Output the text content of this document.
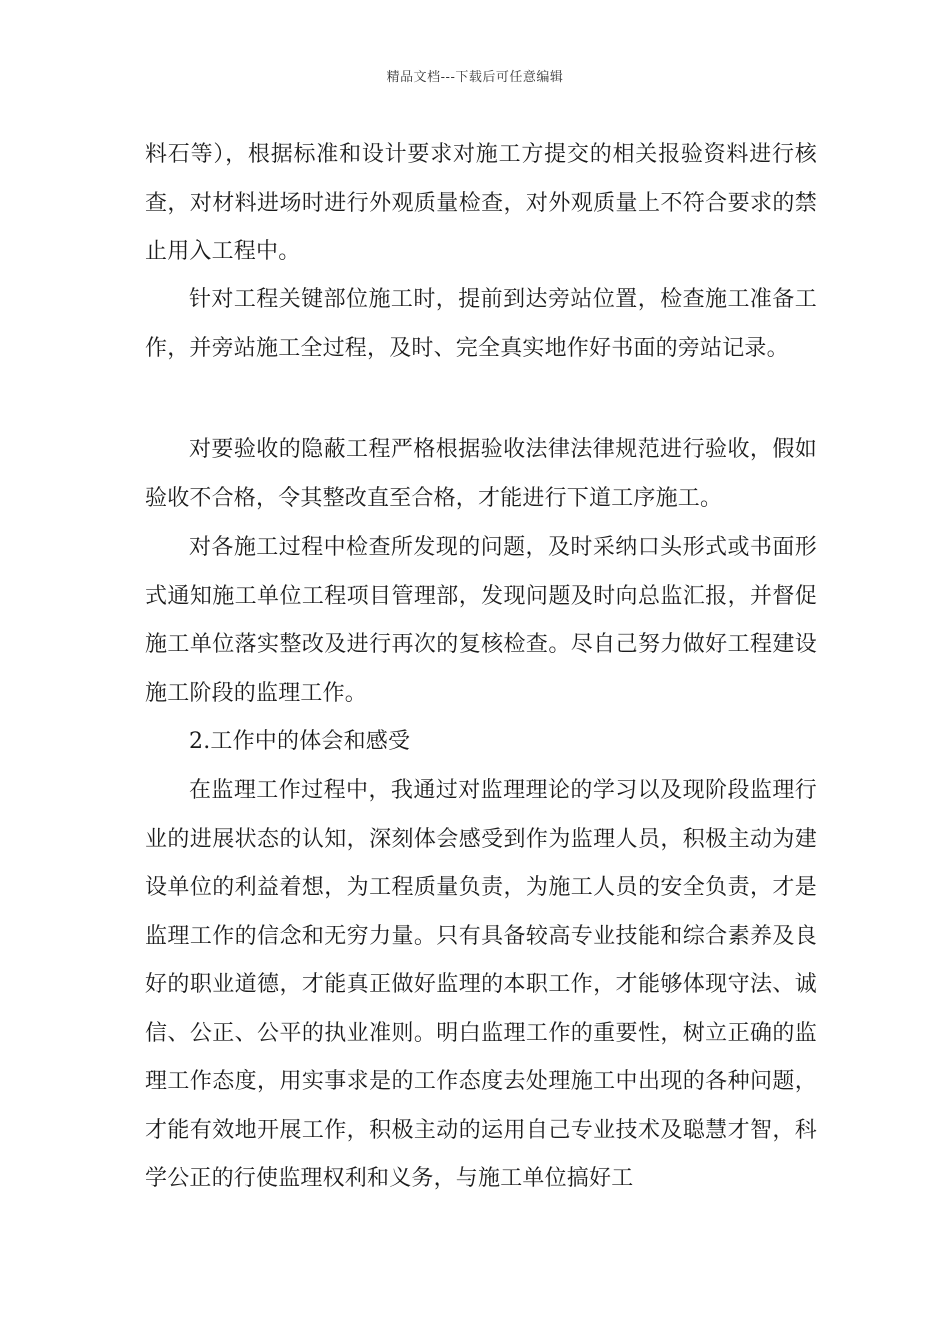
精品文档---下载后可任意编辑

料石等），根据标准和设计要求对施工方提交的相关报验资料进行核查，对材料进场时进行外观质量检查，对外观质量上不符合要求的禁止用入工程中。

针对工程关键部位施工时，提前到达旁站位置，检查施工准备工作，并旁站施工全过程，及时、完全真实地作好书面的旁站记录。

对要验收的隐蔽工程严格根据验收法律法律规范进行验收，假如验收不合格，令其整改直至合格，才能进行下道工序施工。

对各施工过程中检查所发现的问题，及时采纳口头形式或书面形式通知施工单位工程项目管理部，发现问题及时向总监汇报，并督促施工单位落实整改及进行再次的复核检查。尽自己努力做好工程建设施工阶段的监理工作。

2.工作中的体会和感受

在监理工作过程中，我通过对监理理论的学习以及现阶段监理行业的进展状态的认知，深刻体会感受到作为监理人员，积极主动为建设单位的利益着想，为工程质量负责，为施工人员的安全负责，才是监理工作的信念和无穷力量。只有具备较高专业技能和综合素养及良好的职业道德，才能真正做好监理的本职工作，才能够体现守法、诚信、公正、公平的执业准则。明白监理工作的重要性，树立正确的监理工作态度，用实事求是的工作态度去处理施工中出现的各种问题，才能有效地开展工作，积极主动的运用自己专业技术及聪慧才智，科学公正的行使监理权利和义务，与施工单位搞好工
